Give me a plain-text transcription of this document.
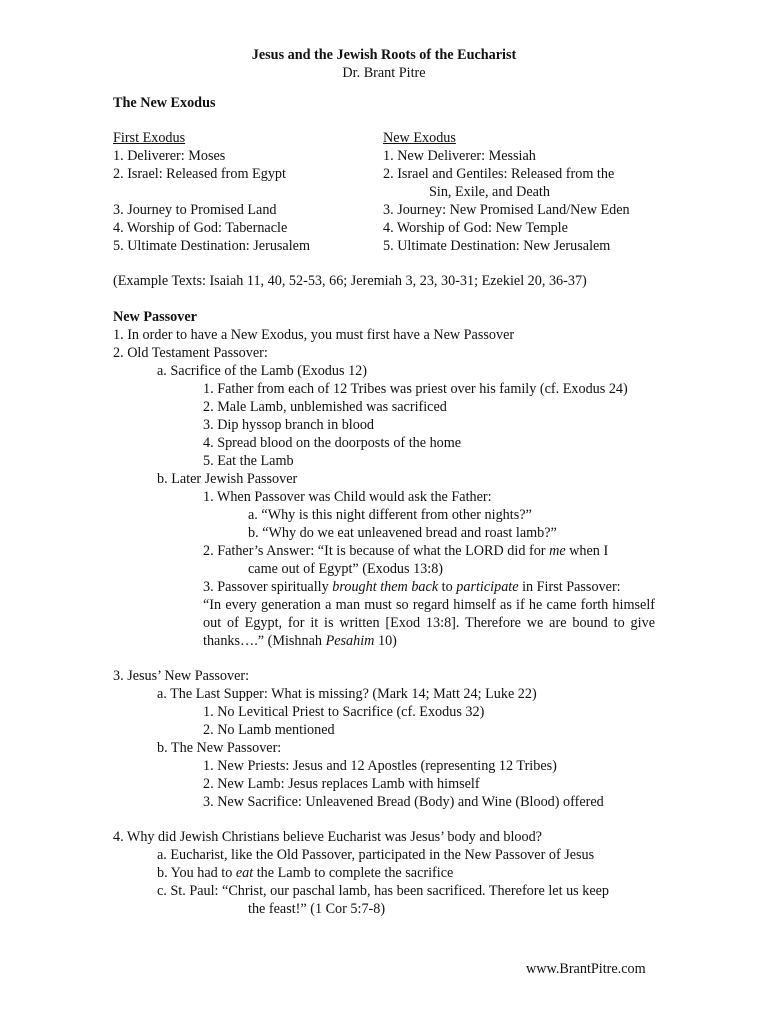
Jesus and the Jewish Roots of the Eucharist
Dr. Brant Pitre
The New Exodus
First Exodus
1. Deliverer: Moses
2. Israel: Released from Egypt
3. Journey to Promised Land
4. Worship of God: Tabernacle
5. Ultimate Destination: Jerusalem
New Exodus
1. New Deliverer: Messiah
2. Israel and Gentiles: Released from the
Sin, Exile, and Death
3. Journey: New Promised Land/New Eden
4. Worship of God: New Temple
5. Ultimate Destination: New Jerusalem
(Example Texts: Isaiah 11, 40, 52-53, 66; Jeremiah 3, 23, 30-31; Ezekiel 20, 36-37)
New Passover
1. In order to have a New Exodus, you must first have a New Passover
2. Old Testament Passover:
a. Sacrifice of the Lamb (Exodus 12)
1. Father from each of 12 Tribes was priest over his family (cf. Exodus 24)
2. Male Lamb, unblemished was sacrificed
3. Dip hyssop branch in blood
4. Spread blood on the doorposts of the home
5. Eat the Lamb
b. Later Jewish Passover
1. When Passover was Child would ask the Father:
a. “Why is this night different from other nights?”
b. “Why do we eat unleavened bread and roast lamb?”
2. Father’s Answer: “It is because of what the LORD did for me when I
came out of Egypt” (Exodus 13:8)
3. Passover spiritually brought them back to participate in First Passover:
“In every generation a man must so regard himself as if he came forth himself out of Egypt, for it is written [Exod 13:8]. Therefore we are bound to give thanks….” (Mishnah Pesahim 10)
3. Jesus’ New Passover:
a. The Last Supper: What is missing? (Mark 14; Matt 24; Luke 22)
1. No Levitical Priest to Sacrifice (cf. Exodus 32)
2. No Lamb mentioned
b. The New Passover:
1. New Priests: Jesus and 12 Apostles (representing 12 Tribes)
2. New Lamb: Jesus replaces Lamb with himself
3. New Sacrifice: Unleavened Bread (Body) and Wine (Blood) offered
4. Why did Jewish Christians believe Eucharist was Jesus’ body and blood?
a. Eucharist, like the Old Passover, participated in the New Passover of Jesus
b. You had to eat the Lamb to complete the sacrifice
c. St. Paul: “Christ, our paschal lamb, has been sacrificed. Therefore let us keep
the feast!” (1 Cor 5:7-8)
www.BrantPitre.com
